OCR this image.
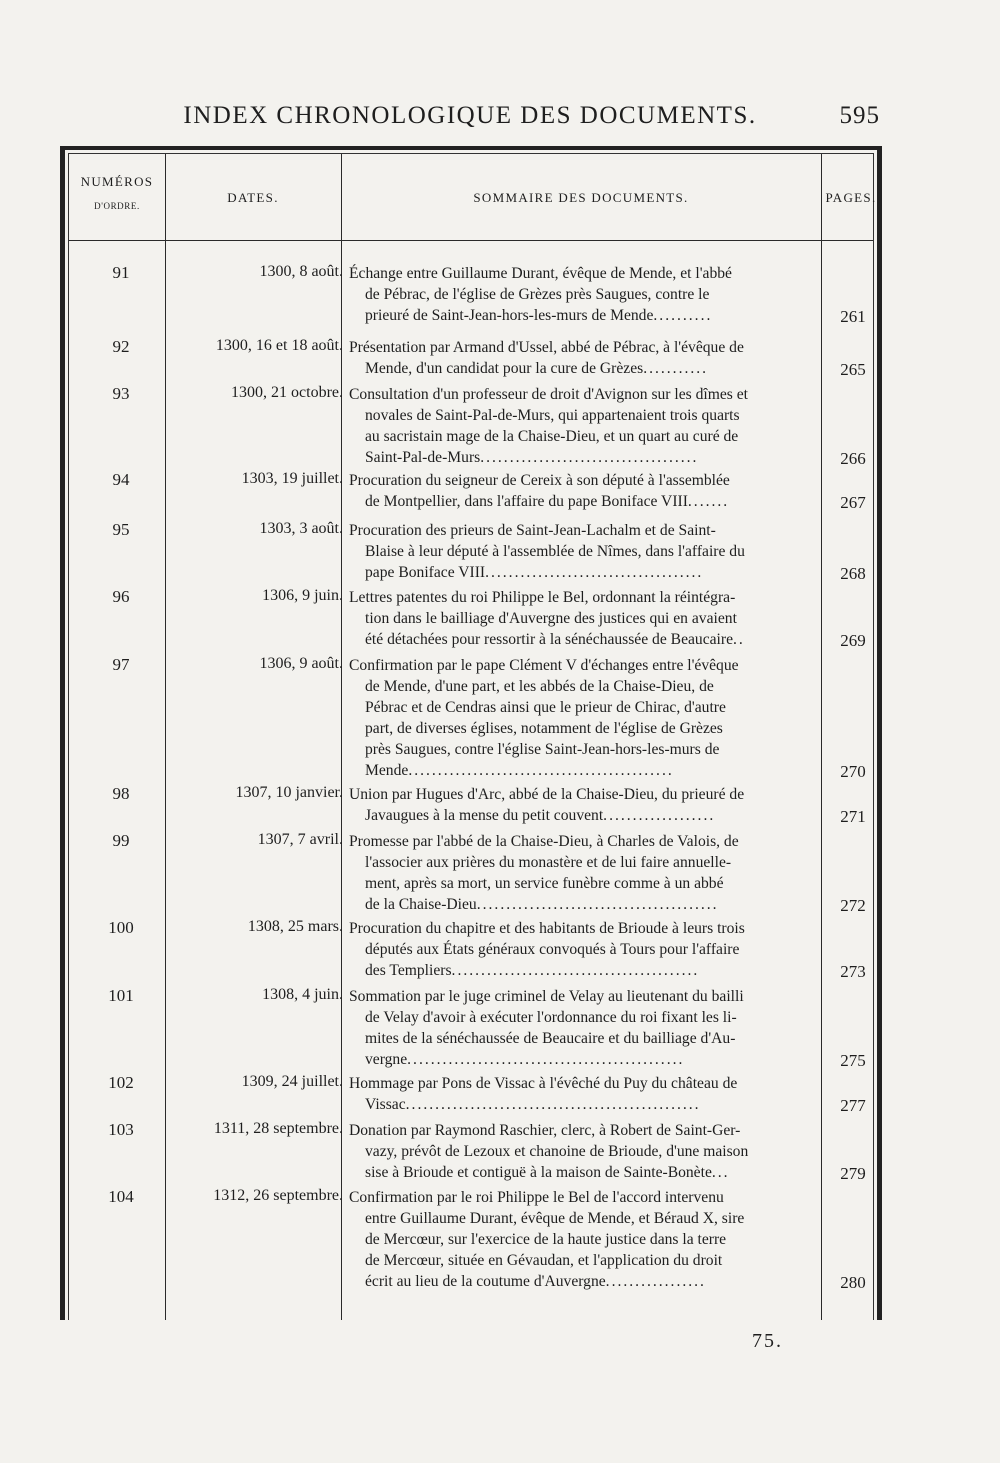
INDEX CHRONOLOGIQUE DES DOCUMENTS.	595
NUMÉROS
D'ORDRE.
DATES.	SOMMAIRE DES DOCUMENTS.	PAGES.
91	1300, 8 août. Échange entre Guillaume Durant, évêque de Mende, et l'abbé
de Pébrac, de l'église de Grèzes près Saugues, contre le
prieuré de Saint-Jean-hors-les-murs de Mende..........	261
92	1300, 16 et 18 août. Présentation par Armand d'Ussel, abbé de Pébrac, à l'évêque de
Mende, d'un candidat pour la cure de Grèzes...........	265
93	1300, 21 octobre. Consultation d'un professeur de droit d'Avignon sur les dîmes et
novales de Saint-Pal-de-Murs, qui appartenaient trois quarts
au sacristain mage de la Chaise-Dieu, et un quart au curé de
Saint-Pal-de-Murs.....................................	266
94	1303, 19 juillet. Procuration du seigneur de Cereix à son député à l'assemblée
de Montpellier, dans l'affaire du pape Boniface VIII.......	267
95	1303, 3 août. Procuration des prieurs de Saint-Jean-Lachalm et de Saint-
Blaise à leur député à l'assemblée de Nîmes, dans l'affaire du
pape Boniface VIII.....................................	268
96	1306, 9 juin. Lettres patentes du roi Philippe le Bel, ordonnant la réintégra-
tion dans le bailliage d'Auvergne des justices qui en avaient
été détachées pour ressortir à la sénéchaussée de Beaucaire..	269
97	1306, 9 août. Confirmation par le pape Clément V d'échanges entre l'évêque
de Mende, d'une part, et les abbés de la Chaise-Dieu, de
Pébrac et de Cendras ainsi que le prieur de Chirac, d'autre
part, de diverses églises, notamment de l'église de Grèzes
près Saugues, contre l'église Saint-Jean-hors-les-murs de
Mende.............................................	270
98	1307, 10 janvier. Union par Hugues d'Arc, abbé de la Chaise-Dieu, du prieuré de
Javaugues à la mense du petit couvent...................	271
99	1307, 7 avril. Promesse par l'abbé de la Chaise-Dieu, à Charles de Valois, de
l'associer aux prières du monastère et de lui faire annuelle-
ment, après sa mort, un service funèbre comme à un abbé
de la Chaise-Dieu.........................................	272
100	1308, 25 mars. Procuration du chapitre et des habitants de Brioude à leurs trois
députés aux États généraux convoqués à Tours pour l'affaire
des Templiers..........................................	273
101	1308, 4 juin. Sommation par le juge criminel de Velay au lieutenant du bailli
de Velay d'avoir à exécuter l'ordonnance du roi fixant les li-
mites de la sénéchaussée de Beaucaire et du bailliage d'Au-
vergne...............................................	275
102	1309, 24 juillet. Hommage par Pons de Vissac à l'évêché du Puy du château de
Vissac..................................................	277
103	1311, 28 septembre. Donation par Raymond Raschier, clerc, à Robert de Saint-Ger-
vazy, prévôt de Lezoux et chanoine de Brioude, d'une maison
sise à Brioude et contiguë à la maison de Sainte-Bonète...	279
104	1312, 26 septembre. Confirmation par le roi Philippe le Bel de l'accord intervenu
entre Guillaume Durant, évêque de Mende, et Béraud X, sire
de Mercœur, sur l'exercice de la haute justice dans la terre
de Mercœur, située en Gévaudan, et l'application du droit
écrit au lieu de la coutume d'Auvergne.................	280
75.
